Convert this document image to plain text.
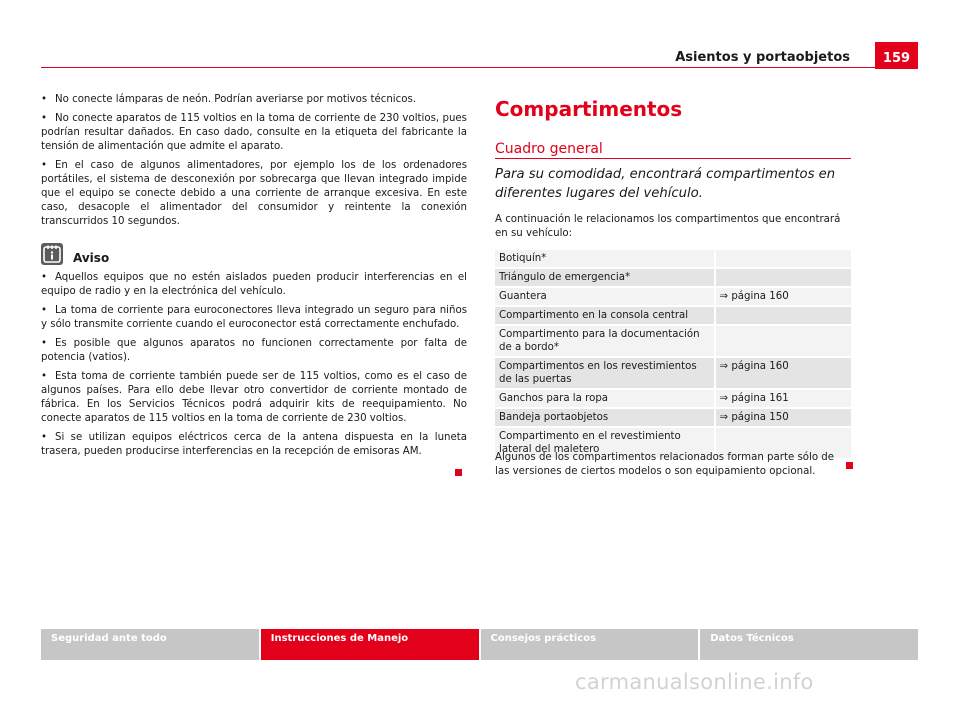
Asientos y portaobjetos	159

• No conecte lámparas de neón. Podrían averiarse por motivos técnicos.

• No conecte aparatos de 115 voltios en la toma de corriente de 230 voltios, pues podrían resultar dañados. En caso dado, consulte en la etiqueta del fabricante la tensión de alimentación que admite el aparato.

• En el caso de algunos alimentadores, por ejemplo los de los ordenadores portátiles, el sistema de desconexión por sobrecarga que llevan integrado impide que el equipo se conecte debido a una corriente de arranque excesiva. En este caso, desacople el alimentador del consumidor y reintente la conexión transcurridos 10 segundos.

Aviso

• Aquellos equipos que no estén aislados pueden producir interferencias en el equipo de radio y en la electrónica del vehículo.

• La toma de corriente para euroconectores lleva integrado un seguro para niños y sólo transmite corriente cuando el euroconector está correctamente enchufado.

• Es posible que algunos aparatos no funcionen correctamente por falta de potencia (vatios).

• Esta toma de corriente también puede ser de 115 voltios, como es el caso de algunos países. Para ello debe llevar otro convertidor de corriente montado de fábrica. En los Servicios Técnicos podrá adquirir kits de reequipamiento. No conecte aparatos de 115 voltios en la toma de corriente de 230 voltios.

• Si se utilizan equipos eléctricos cerca de la antena dispuesta en la luneta trasera, pueden producirse interferencias en la recepción de emisoras AM.

Compartimentos
Cuadro general
Para su comodidad, encontrará compartimentos en diferentes lugares del vehículo.
A continuación le relacionamos los compartimentos que encontrará en su vehículo:
Botiquín*	
Triángulo de emergencia*	
Guantera	⇒ página 160
Compartimento en la consola central	
Compartimento para la documentación de a bordo*	
Compartimentos en los revestimientos de las puertas	⇒ página 160
Ganchos para la ropa	⇒ página 161
Bandeja portaobjetos	⇒ página 150
Compartimento en el revestimiento lateral del maletero	
Algunos de los compartimentos relacionados forman parte sólo de las versiones de ciertos modelos o son equipamiento opcional.
Seguridad ante todo	Instrucciones de Manejo	Consejos prácticos	Datos Técnicos
carmanualsonline.info
